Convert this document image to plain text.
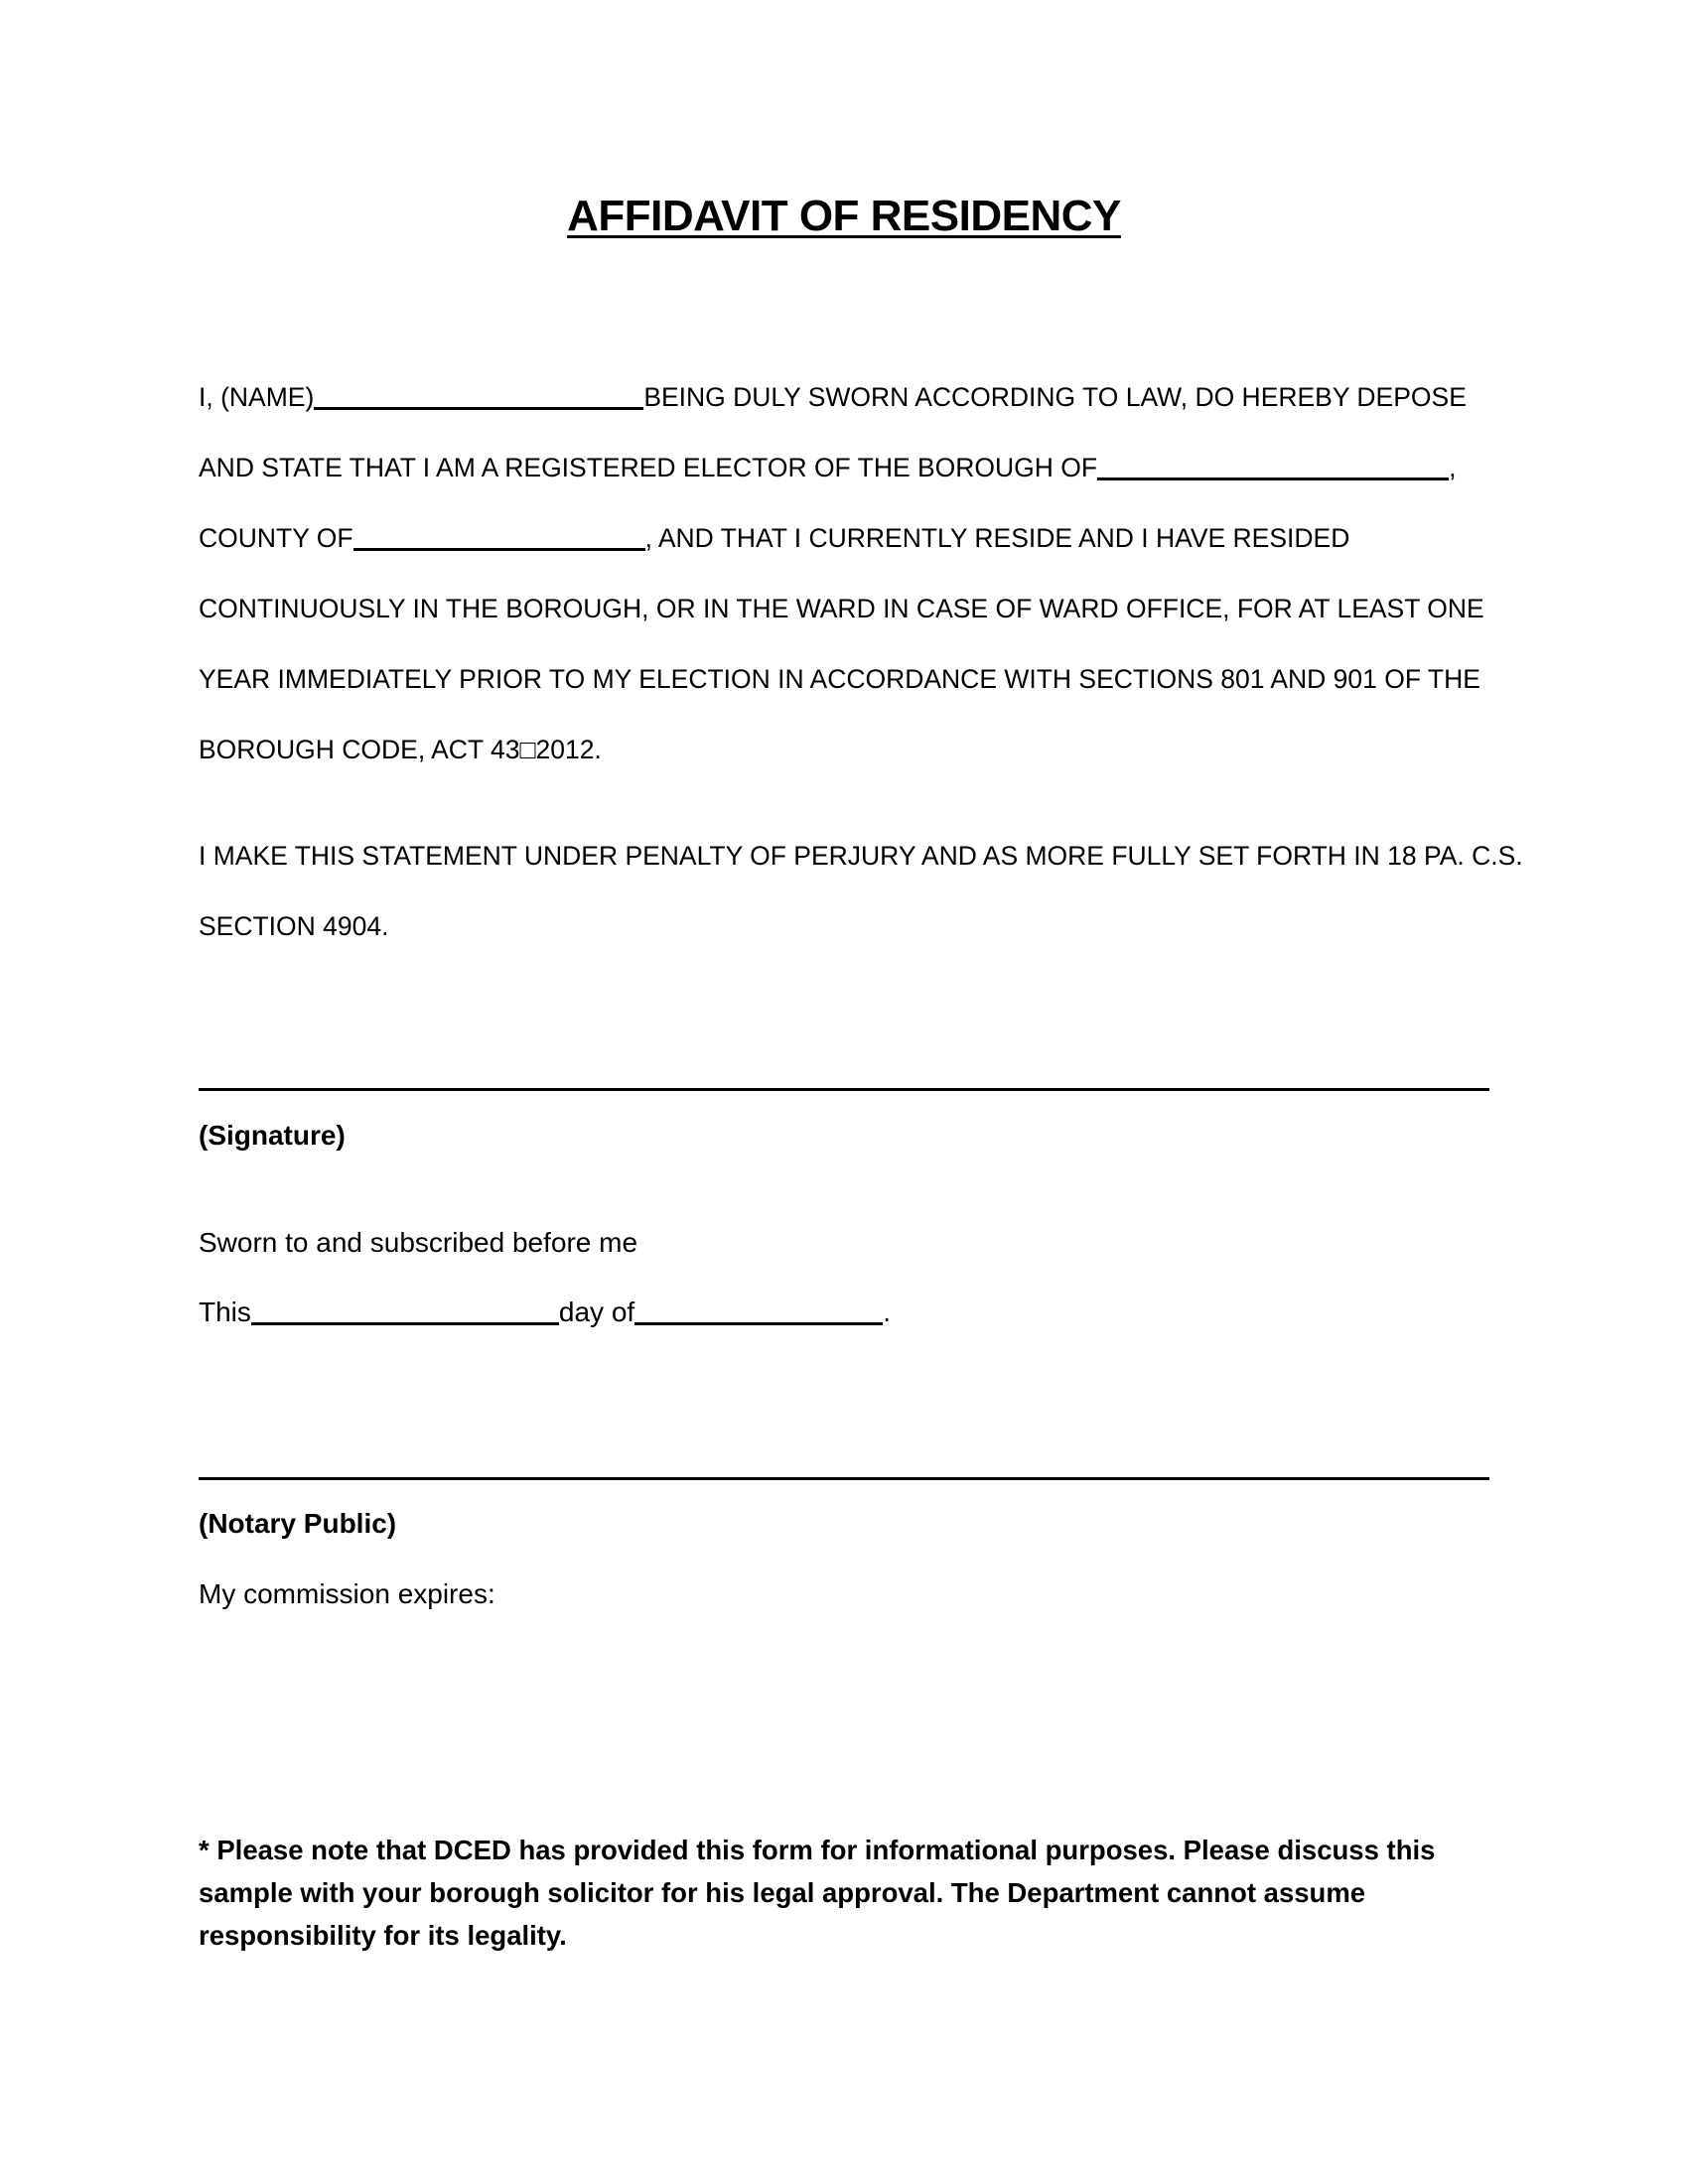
AFFIDAVIT OF RESIDENCY
I, (NAME)	BEING DULY SWORN ACCORDING TO LAW, DO HEREBY DEPOSE
AND STATE THAT I AM A REGISTERED ELECTOR OF THE BOROUGH OF	,
COUNTY OF	, AND THAT I CURRENTLY RESIDE AND I HAVE RESIDED
CONTINUOUSLY IN THE BOROUGH, OR IN THE WARD IN CASE OF WARD OFFICE, FOR AT LEAST ONE
YEAR IMMEDIATELY PRIOR TO MY ELECTION IN ACCORDANCE WITH SECTIONS 801 AND 901 OF THE
BOROUGH CODE, ACT 43□2012.
I MAKE THIS STATEMENT UNDER PENALTY OF PERJURY AND AS MORE FULLY SET FORTH IN 18 PA. C.S.
SECTION 4904.
(Signature)
Sworn to and subscribed before me
This	day of	.
(Notary Public)
My commission expires:
* Please note that DCED has provided this form for informational purposes. Please discuss this sample with your borough solicitor for his legal approval. The Department cannot assume responsibility for its legality.
